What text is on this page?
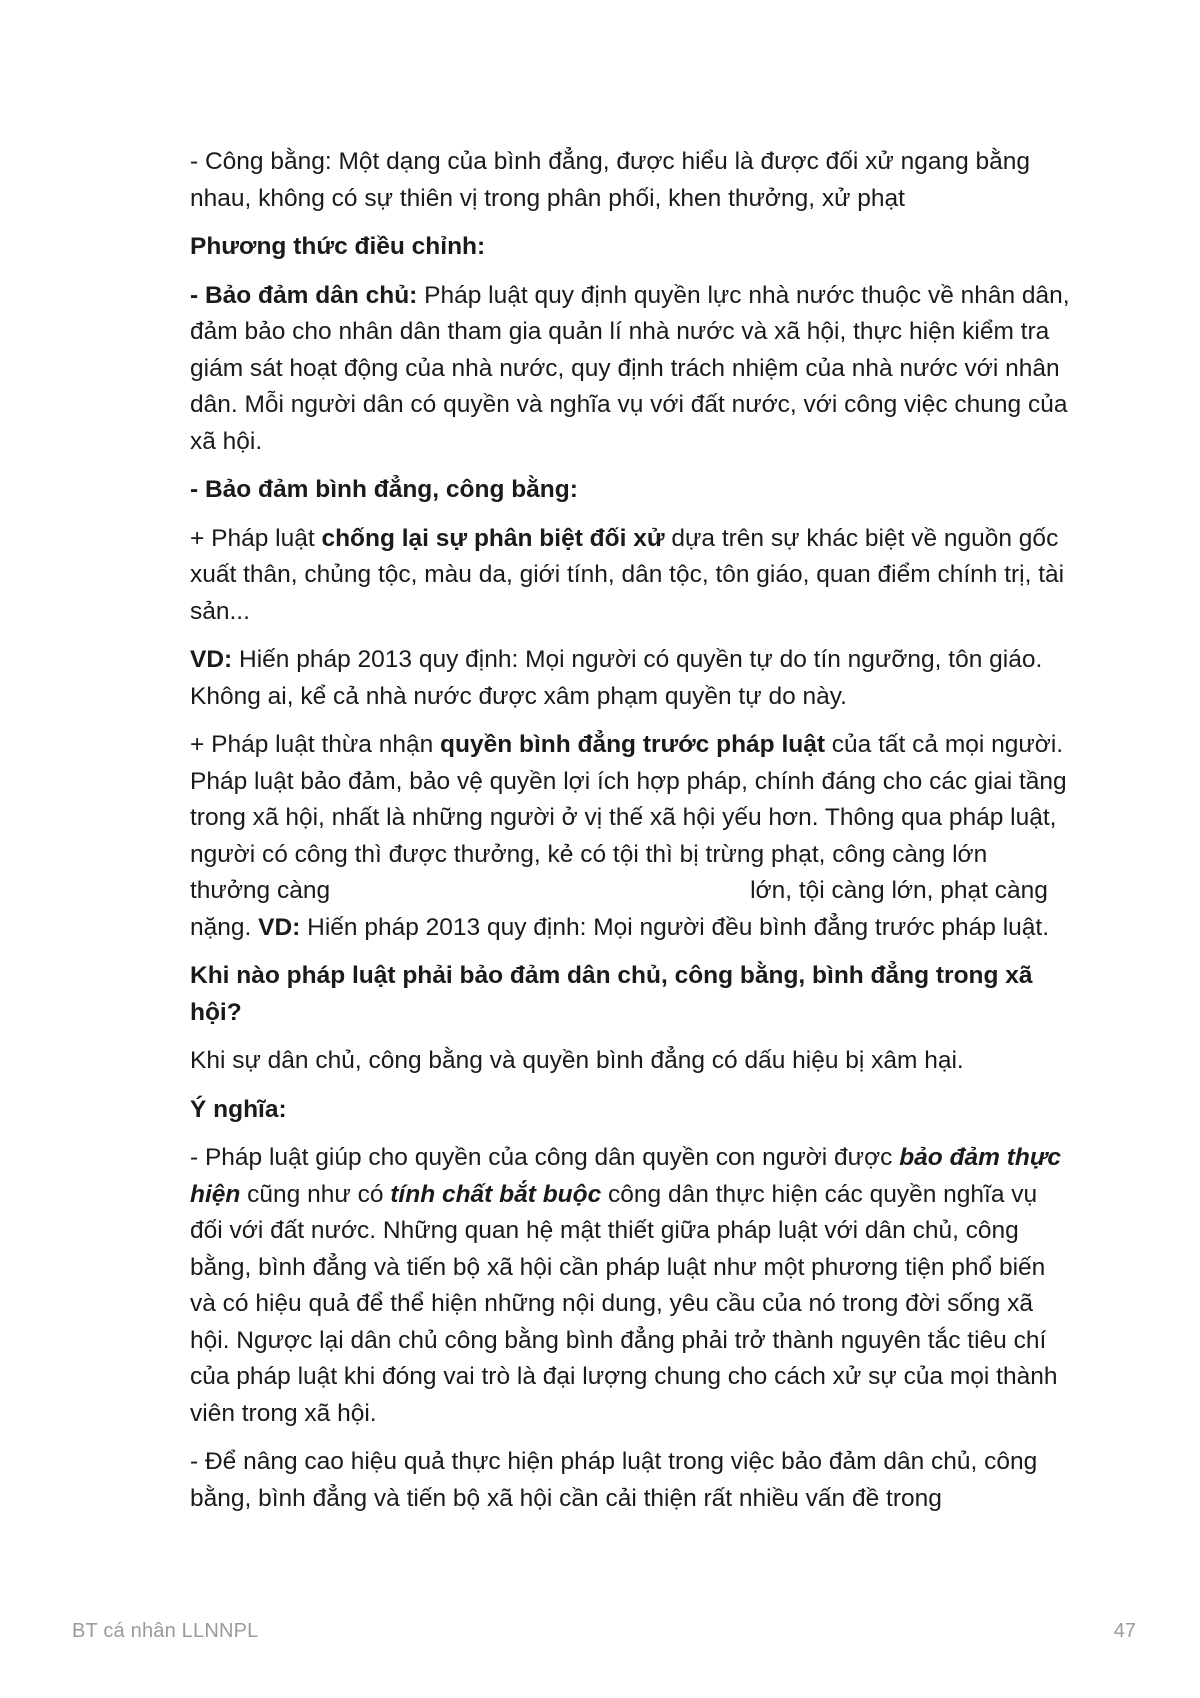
- Công bằng: Một dạng của bình đẳng, được hiểu là được đối xử ngang bằng nhau, không có sự thiên vị trong phân phối, khen thưởng, xử phạt

Phương thức điều chỉnh:

- Bảo đảm dân chủ: Pháp luật quy định quyền lực nhà nước thuộc về nhân dân, đảm bảo cho nhân dân tham gia quản lí nhà nước và xã hội, thực hiện kiểm tra giám sát hoạt động của nhà nước, quy định trách nhiệm của nhà nước với nhân dân. Mỗi người dân có quyền và nghĩa vụ với đất nước, với công việc chung của xã hội.

- Bảo đảm bình đẳng, công bằng:

+ Pháp luật chống lại sự phân biệt đối xử dựa trên sự khác biệt về nguồn gốc xuất thân, chủng tộc, màu da, giới tính, dân tộc, tôn giáo, quan điểm chính trị, tài sản...

VD: Hiến pháp 2013 quy định: Mọi người có quyền tự do tín ngưỡng, tôn giáo. Không ai, kể cả nhà nước được xâm phạm quyền tự do này.

+ Pháp luật thừa nhận quyền bình đẳng trước pháp luật của tất cả mọi người. Pháp luật bảo đảm, bảo vệ quyền lợi ích hợp pháp, chính đáng cho các giai tầng trong xã hội, nhất là những người ở vị thế xã hội yếu hơn. Thông qua pháp luật, người có công thì được thưởng, kẻ có tội thì bị trừng phạt, công càng lớn thưởng càng	lớn, tội càng lớn, phạt càng nặng. VD: Hiến pháp 2013 quy định: Mọi người đều bình đẳng trước pháp luật.

Khi nào pháp luật phải bảo đảm dân chủ, công bằng, bình đẳng trong xã hội?

Khi sự dân chủ, công bằng và quyền bình đẳng có dấu hiệu bị xâm hại.

Ý nghĩa:

- Pháp luật giúp cho quyền của công dân quyền con người được bảo đảm thực hiện cũng như có tính chất bắt buộc công dân thực hiện các quyền nghĩa vụ đối với đất nước. Những quan hệ mật thiết giữa pháp luật với dân chủ, công bằng, bình đẳng và tiến bộ xã hội cần pháp luật như một phương tiện phổ biến và có hiệu quả để thể hiện những nội dung, yêu cầu của nó trong đời sống xã hội. Ngược lại dân chủ công bằng bình đẳng phải trở thành nguyên tắc tiêu chí của pháp luật khi đóng vai trò là đại lượng chung cho cách xử sự của mọi thành viên trong xã hội.

- Để nâng cao hiệu quả thực hiện pháp luật trong việc bảo đảm dân chủ, công bằng, bình đẳng và tiến bộ xã hội cần cải thiện rất nhiều vấn đề trong

BT cá nhân LLNNPL	47
